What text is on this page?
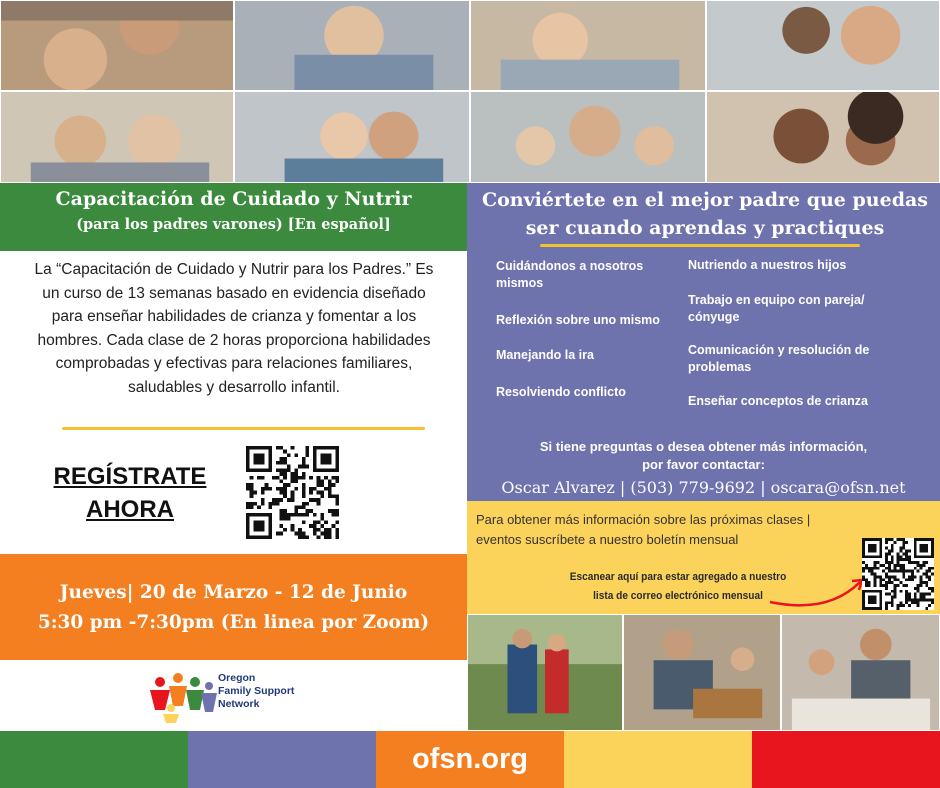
Capacitación de Cuidado y Nutrir
(para los padres varones) [En español]
La “Capacitación de Cuidado y Nutrir para los Padres.” Es un curso de 13 semanas basado en evidencia diseñado para enseñar habilidades de crianza y fomentar a los hombres. Cada clase de 2 horas proporciona habilidades comprobadas y efectivas para relaciones familiares, saludables y desarrollo infantil.
REGÍSTRATE
AHORA
Jueves| 20 de Marzo - 12 de Junio
5:30 pm -7:30pm (En linea por Zoom)
Oregon
Family Support
Network
Conviértete en el mejor padre que puedas
ser cuando aprendas y practiques
Cuidándonos a nosotros mismos
Reflexión sobre uno mismo
Manejando la ira
Resolviendo conflicto
Nutriendo a nuestros hijos
Trabajo en equipo con pareja/ cónyuge
Comunicación y resolución de problemas
Enseñar conceptos de crianza
Si tiene preguntas o desea obtener más información,
por favor contactar:
Oscar Alvarez | (503) 779-9692 | oscara@ofsn.net
Para obtener más información sobre las próximas clases | eventos suscríbete a nuestro boletín mensual
Escanear aquí para estar agregado a nuestro
lista de correo electrónico mensual
ofsn.org
